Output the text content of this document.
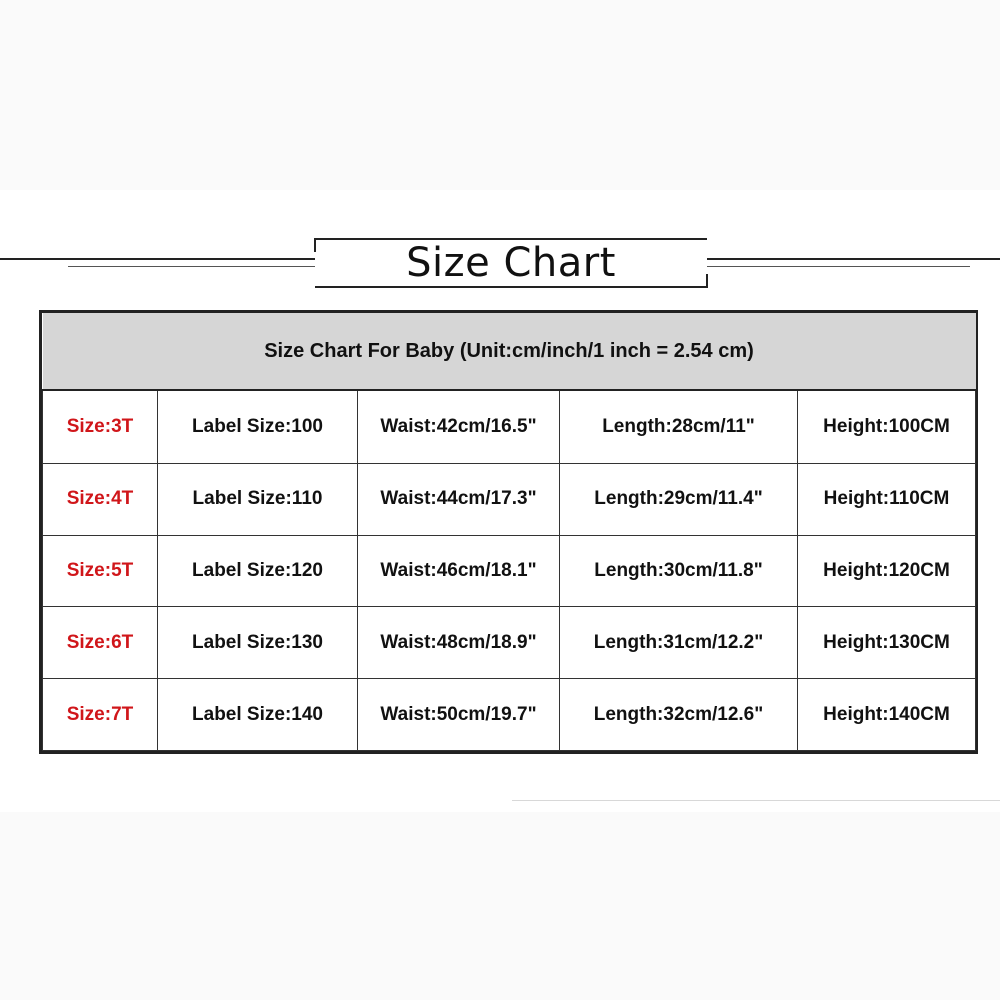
Size Chart
Size Chart For Baby (Unit:cm/inch/1 inch = 2.54 cm)				
Size:3T	Label Size:100	Waist:42cm/16.5"	Length:28cm/11"	Height:100CM
Size:4T	Label Size:110	Waist:44cm/17.3"	Length:29cm/11.4"	Height:110CM
Size:5T	Label Size:120	Waist:46cm/18.1"	Length:30cm/11.8"	Height:120CM
Size:6T	Label Size:130	Waist:48cm/18.9"	Length:31cm/12.2"	Height:130CM
Size:7T	Label Size:140	Waist:50cm/19.7"	Length:32cm/12.6"	Height:140CM
